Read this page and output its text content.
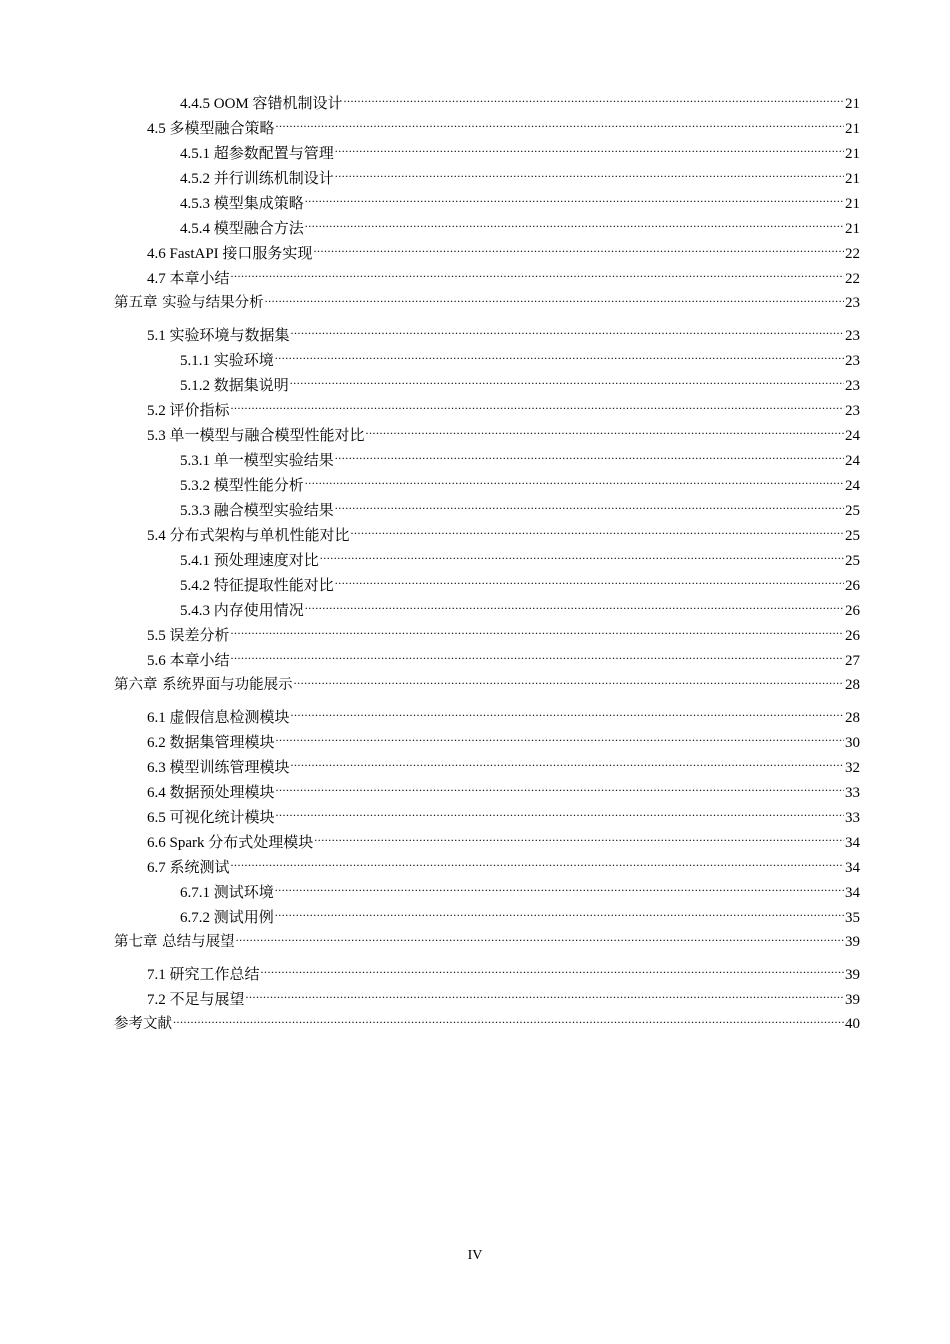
4.4.5 OOM 容错机制设计 .....	21
4.5 多模型融合策略 .....	21
4.5.1 超参数配置与管理 .....	21
4.5.2 并行训练机制设计 .....	21
4.5.3 模型集成策略 .....	21
4.5.4 模型融合方法 .....	21
4.6 FastAPI 接口服务实现 .....	22
4.7 本章小结 .....	22
第五章 实验与结果分析 .....	23
5.1 实验环境与数据集 .....	23
5.1.1 实验环境 .....	23
5.1.2 数据集说明 .....	23
5.2 评价指标 .....	23
5.3 单一模型与融合模型性能对比 .....	24
5.3.1 单一模型实验结果 .....	24
5.3.2 模型性能分析 .....	24
5.3.3 融合模型实验结果 .....	25
5.4 分布式架构与单机性能对比 .....	25
5.4.1 预处理速度对比 .....	25
5.4.2 特征提取性能对比 .....	26
5.4.3 内存使用情况 .....	26
5.5 误差分析 .....	26
5.6 本章小结 .....	27
第六章 系统界面与功能展示 .....	28
6.1 虚假信息检测模块 .....	28
6.2 数据集管理模块 .....	30
6.3 模型训练管理模块 .....	32
6.4 数据预处理模块 .....	33
6.5 可视化统计模块 .....	33
6.6 Spark 分布式处理模块 .....	34
6.7 系统测试 .....	34
6.7.1 测试环境 .....	34
6.7.2 测试用例 .....	35
第七章 总结与展望 .....	39
7.1 研究工作总结 .....	39
7.2 不足与展望 .....	39
参考文献 .....	40
IV
